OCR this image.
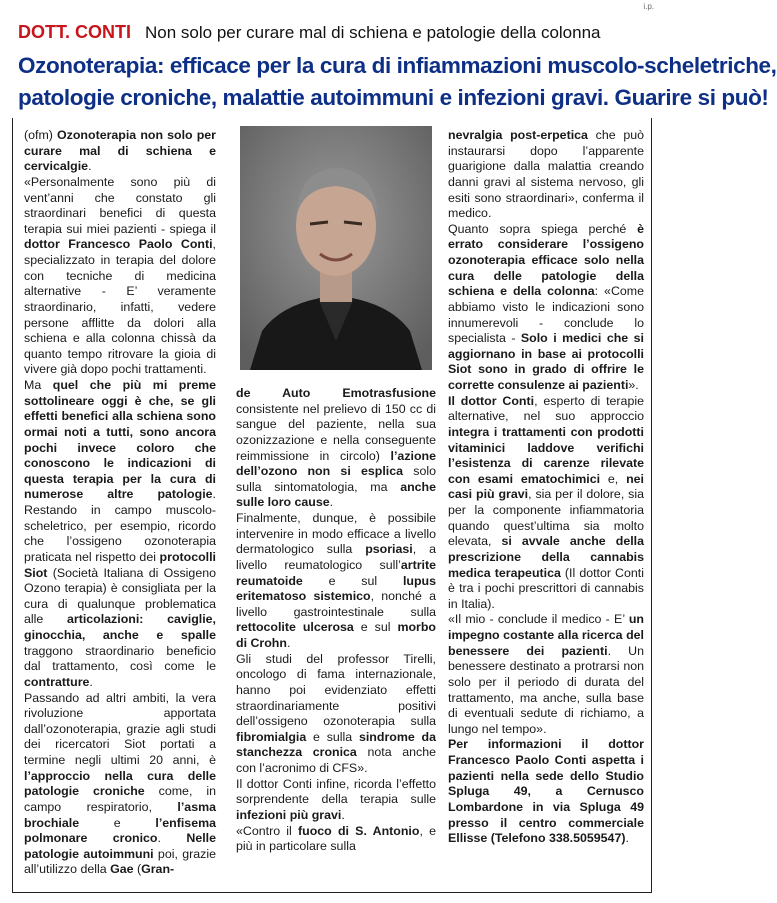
i.p.
DOTT. CONTI Non solo per curare mal di schiena e patologie della colonna
Ozonoterapia: efficace per la cura di infiammazioni muscolo-scheletriche,
patologie croniche, malattie autoimmuni e infezioni gravi. Guarire si può!

(ofm) Ozonoterapia non solo per curare mal di schiena e cervicalgie.

«Personalmente sono più di vent’anni che constato gli straordinari benefici di questa terapia sui miei pazienti - spiega il dottor Francesco Paolo Conti, specializzato in terapia del dolore con tecniche di medicina alternative - E’ veramente straordinario, infatti, vedere persone afflitte da dolori alla schiena e alla colonna chissà da quanto tempo ritrovare la gioia di vivere già dopo pochi trattamenti.

Ma quel che più mi preme sottolineare oggi è che, se gli effetti benefici alla schiena sono ormai noti a tutti, sono ancora pochi invece coloro che conoscono le indicazioni di questa terapia per la cura di numerose altre patologie. Restando in campo muscolo-scheletrico, per esempio, ricordo che l’ossigeno ozonoterapia praticata nel rispetto dei protocolli Siot (Società Italiana di Ossigeno Ozono terapia) è consigliata per la cura di qualunque problematica alle articolazioni: caviglie, ginocchia, anche e spalle traggono straordinario beneficio dal trattamento, così come le contratture.

Passando ad altri ambiti, la vera rivoluzione apportata dall’ozonoterapia, grazie agli studi dei ricercatori Siot portati a termine negli ultimi 20 anni, è l’approccio nella cura delle patologie croniche come, in campo respiratorio, l’asma brochiale e l’enfisema polmonare cronico. Nelle patologie autoimmuni poi, grazie all’utilizzo della Gae (Gran-

de Auto Emotrasfusione consistente nel prelievo di 150 cc di sangue del paziente, nella sua ozonizzazione e nella conseguente reimmissione in circolo) l’azione dell’ozono non si esplica solo sulla sintomatologia, ma anche sulle loro cause.

Finalmente, dunque, è possibile intervenire in modo efficace a livello dermatologico sulla psoriasi, a livello reumatologico sull’artrite reumatoide e sul lupus eritematoso sistemico, nonché a livello gastrointestinale sulla rettocolite ulcerosa e sul morbo di Crohn.

Gli studi del professor Tirelli, oncologo di fama internazionale, hanno poi evidenziato effetti straordinariamente positivi dell’ossigeno ozonoterapia sulla fibromialgia e sulla sindrome da stanchezza cronica nota anche con l’acronimo di CFS».

Il dottor Conti infine, ricorda l’effetto sorprendente della terapia sulle infezioni più gravi.

«Contro il fuoco di S. Antonio, e più in particolare sulla

nevralgia post-erpetica che può instaurarsi dopo l’apparente guarigione dalla malattia creando danni gravi al sistema nervoso, gli esiti sono straordinari», conferma il medico.

Quanto sopra spiega perché è errato considerare l’ossigeno ozonoterapia efficace solo nella cura delle patologie della schiena e della colonna: «Come abbiamo visto le indicazioni sono innumerevoli - conclude lo specialista - Solo i medici che si aggiornano in base ai protocolli Siot sono in grado di offrire le corrette consulenze ai pazienti».

Il dottor Conti, esperto di terapie alternative, nel suo approccio integra i trattamenti con prodotti vitaminici laddove verifichi l’esistenza di carenze rilevate con esami ematochimici e, nei casi più gravi, sia per il dolore, sia per la componente infiammatoria quando quest’ultima sia molto elevata, si avvale anche della prescrizione della cannabis medica terapeutica (Il dottor Conti è tra i pochi prescrittori di cannabis in Italia).

«Il mio - conclude il medico - E’ un impegno costante alla ricerca del benessere dei pazienti. Un benessere destinato a protrarsi non solo per il periodo di durata del trattamento, ma anche, sulla base di eventuali sedute di richiamo, a lungo nel tempo».

Per informazioni il dottor Francesco Paolo Conti aspetta i pazienti nella sede dello Studio Spluga 49, a Cernusco Lombardone in via Spluga 49 presso il centro commerciale Ellisse (Telefono 338.5059547).
